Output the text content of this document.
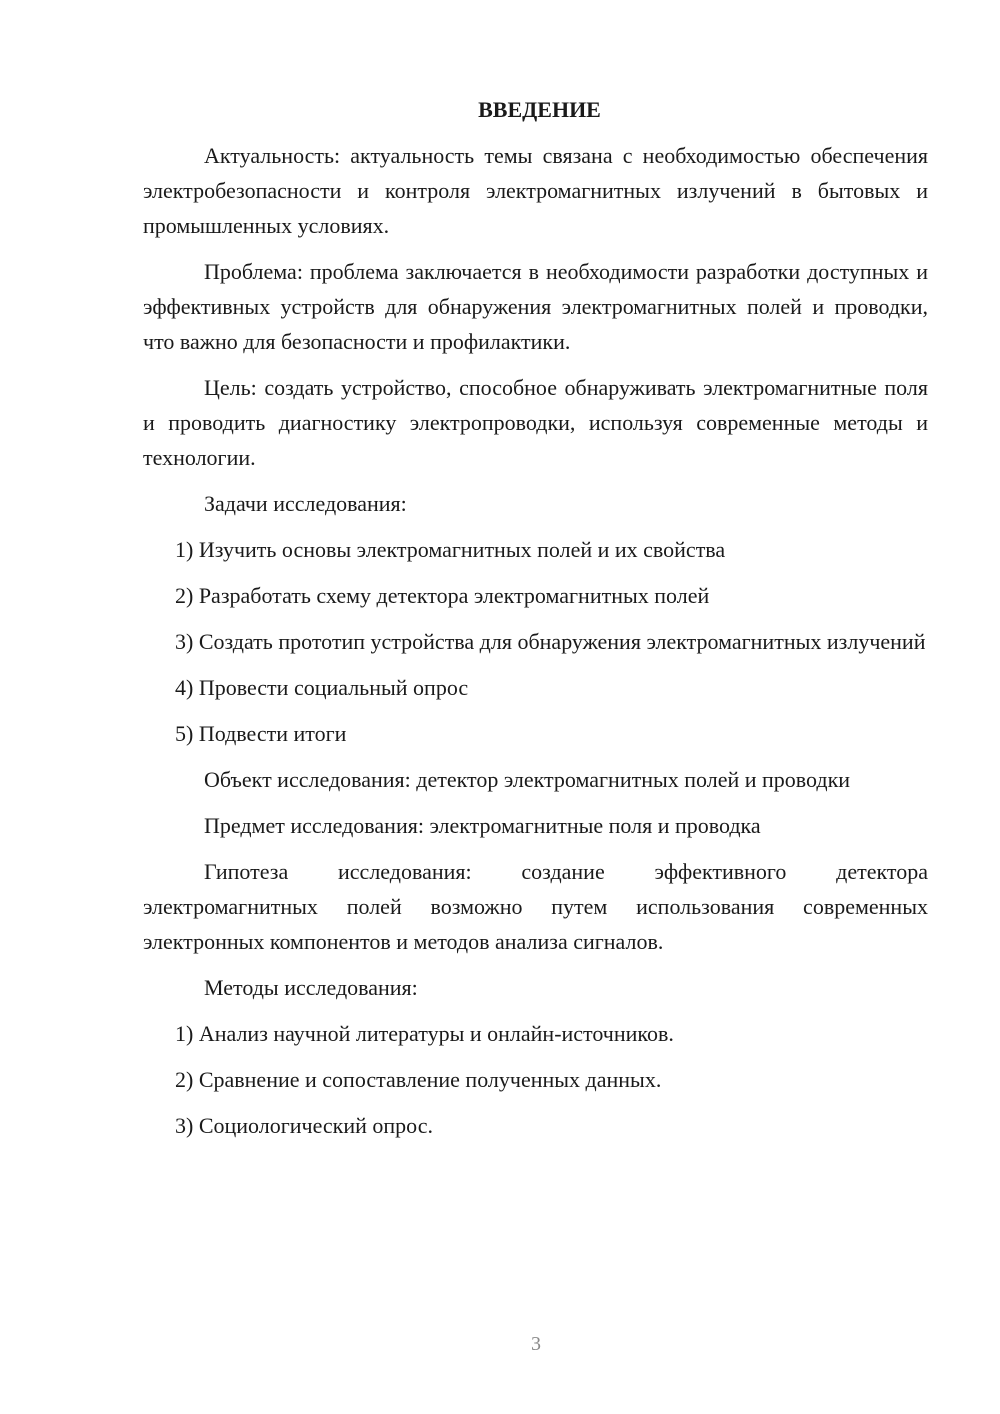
ВВЕДЕНИЕ

Актуальность: актуальность темы связана с необходимостью обеспечения электробезопасности и контроля электромагнитных излучений в бытовых и промышленных условиях.

Проблема: проблема заключается в необходимости разработки доступных и эффективных устройств для обнаружения электромагнитных полей и проводки, что важно для безопасности и профилактики.

Цель: создать устройство, способное обнаруживать электромагнитные поля и проводить диагностику электропроводки, используя современные методы и технологии.

Задачи исследования:

1) Изучить основы электромагнитных полей и их свойства

2) Разработать схему детектора электромагнитных полей

3) Создать прототип устройства для обнаружения электромагнитных излучений

4) Провести социальный опрос

5) Подвести итоги

Объект исследования: детектор электромагнитных полей и проводки

Предмет исследования: электромагнитные поля и проводка

Гипотеза исследования: создание эффективного детектора электромагнитных полей возможно путем использования современных электронных компонентов и методов анализа сигналов.

Методы исследования:

1) Анализ научной литературы и онлайн-источников.

2) Сравнение и сопоставление полученных данных.

3) Социологический опрос.

3
